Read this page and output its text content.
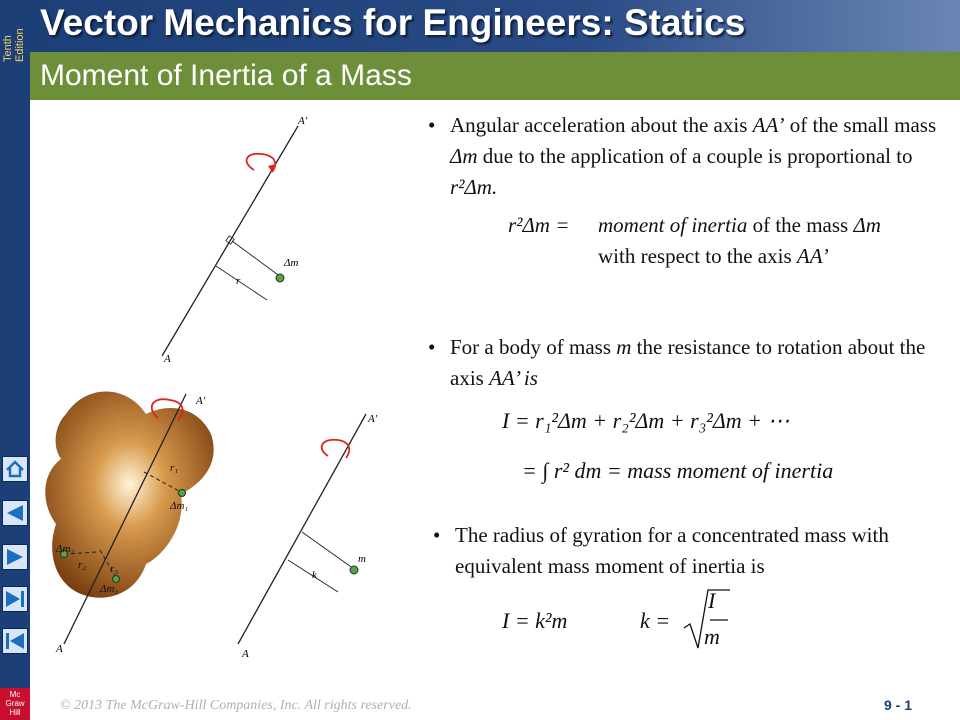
Tenth Edition
Mc Graw Hill
Vector Mechanics for Engineers: Statics
Moment of Inertia of a Mass
A′
A
Δm
r
A′
A
r₁
Δm₁
Δm₂
r₂ r₃
Δm₃
A′
A
m
k
• Angular acceleration about the axis AA’ of the small mass Δm due to the application of a couple is proportional to r²Δm.
r²Δm =	moment of inertia of the mass Δm with respect to the axis AA’
• For a body of mass m the resistance to rotation about the axis AA’ is
I = r₁²Δm + r₂²Δm + r₃²Δm + ⋯
= ∫ r² dm = mass moment of inertia
• The radius of gyration for a concentrated mass with equivalent mass moment of inertia is
I = k²m	k =
I
m
© 2013 The McGraw-Hill Companies, Inc. All rights reserved.	9 - 1
